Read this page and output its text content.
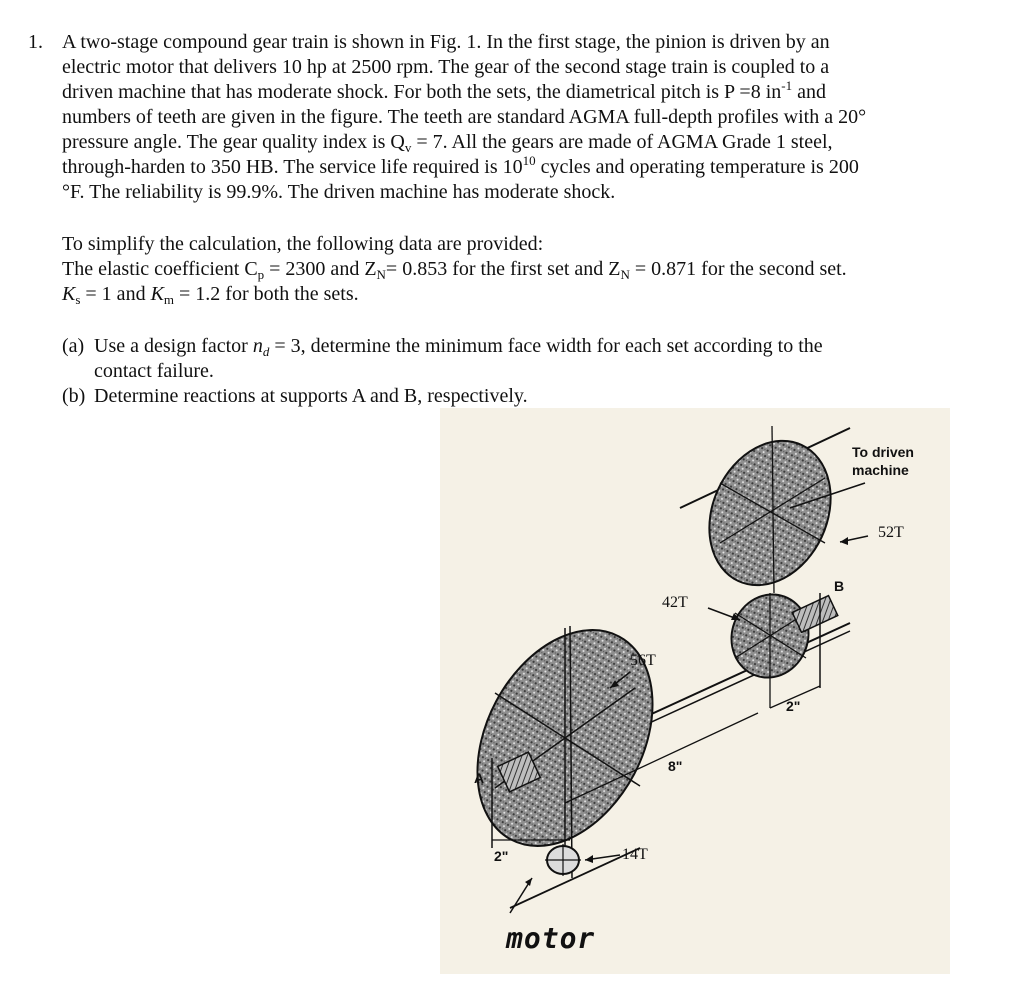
1. A two-stage compound gear train is shown in Fig. 1. In the first stage, the pinion is driven by an
electric motor that delivers 10 hp at 2500 rpm. The gear of the second stage train is coupled to a
driven machine that has moderate shock. For both the sets, the diametrical pitch is P =8 $in^{-1}$ and
numbers of teeth are given in the figure. The teeth are standard AGMA full-depth profiles with a 20°
pressure angle. The gear quality index is $Q_v = 7$. All the gears are made of AGMA Grade 1 steel,
through-harden to 350 HB. The service life required is $10^{10}$ cycles and operating temperature is 200
°F. The reliability is 99.9%. The driven machine has moderate shock.
To simplify the calculation, the following data are provided:
The elastic coefficient $C_p = 2300$ and $Z_N= 0.853$ for the first set and $Z_N = 0.871$ for the second set.
$K_s = 1$ and $K_m = 1.2$ for both the sets.
(a) Use a design factor $n_d = 3$, determine the minimum face width for each set according to the
contact failure.
(b) Determine reactions at supports A and B, respectively.
To driven
machine
52T
42T
56T
14T
8"
2"
2"
A
B
motor
